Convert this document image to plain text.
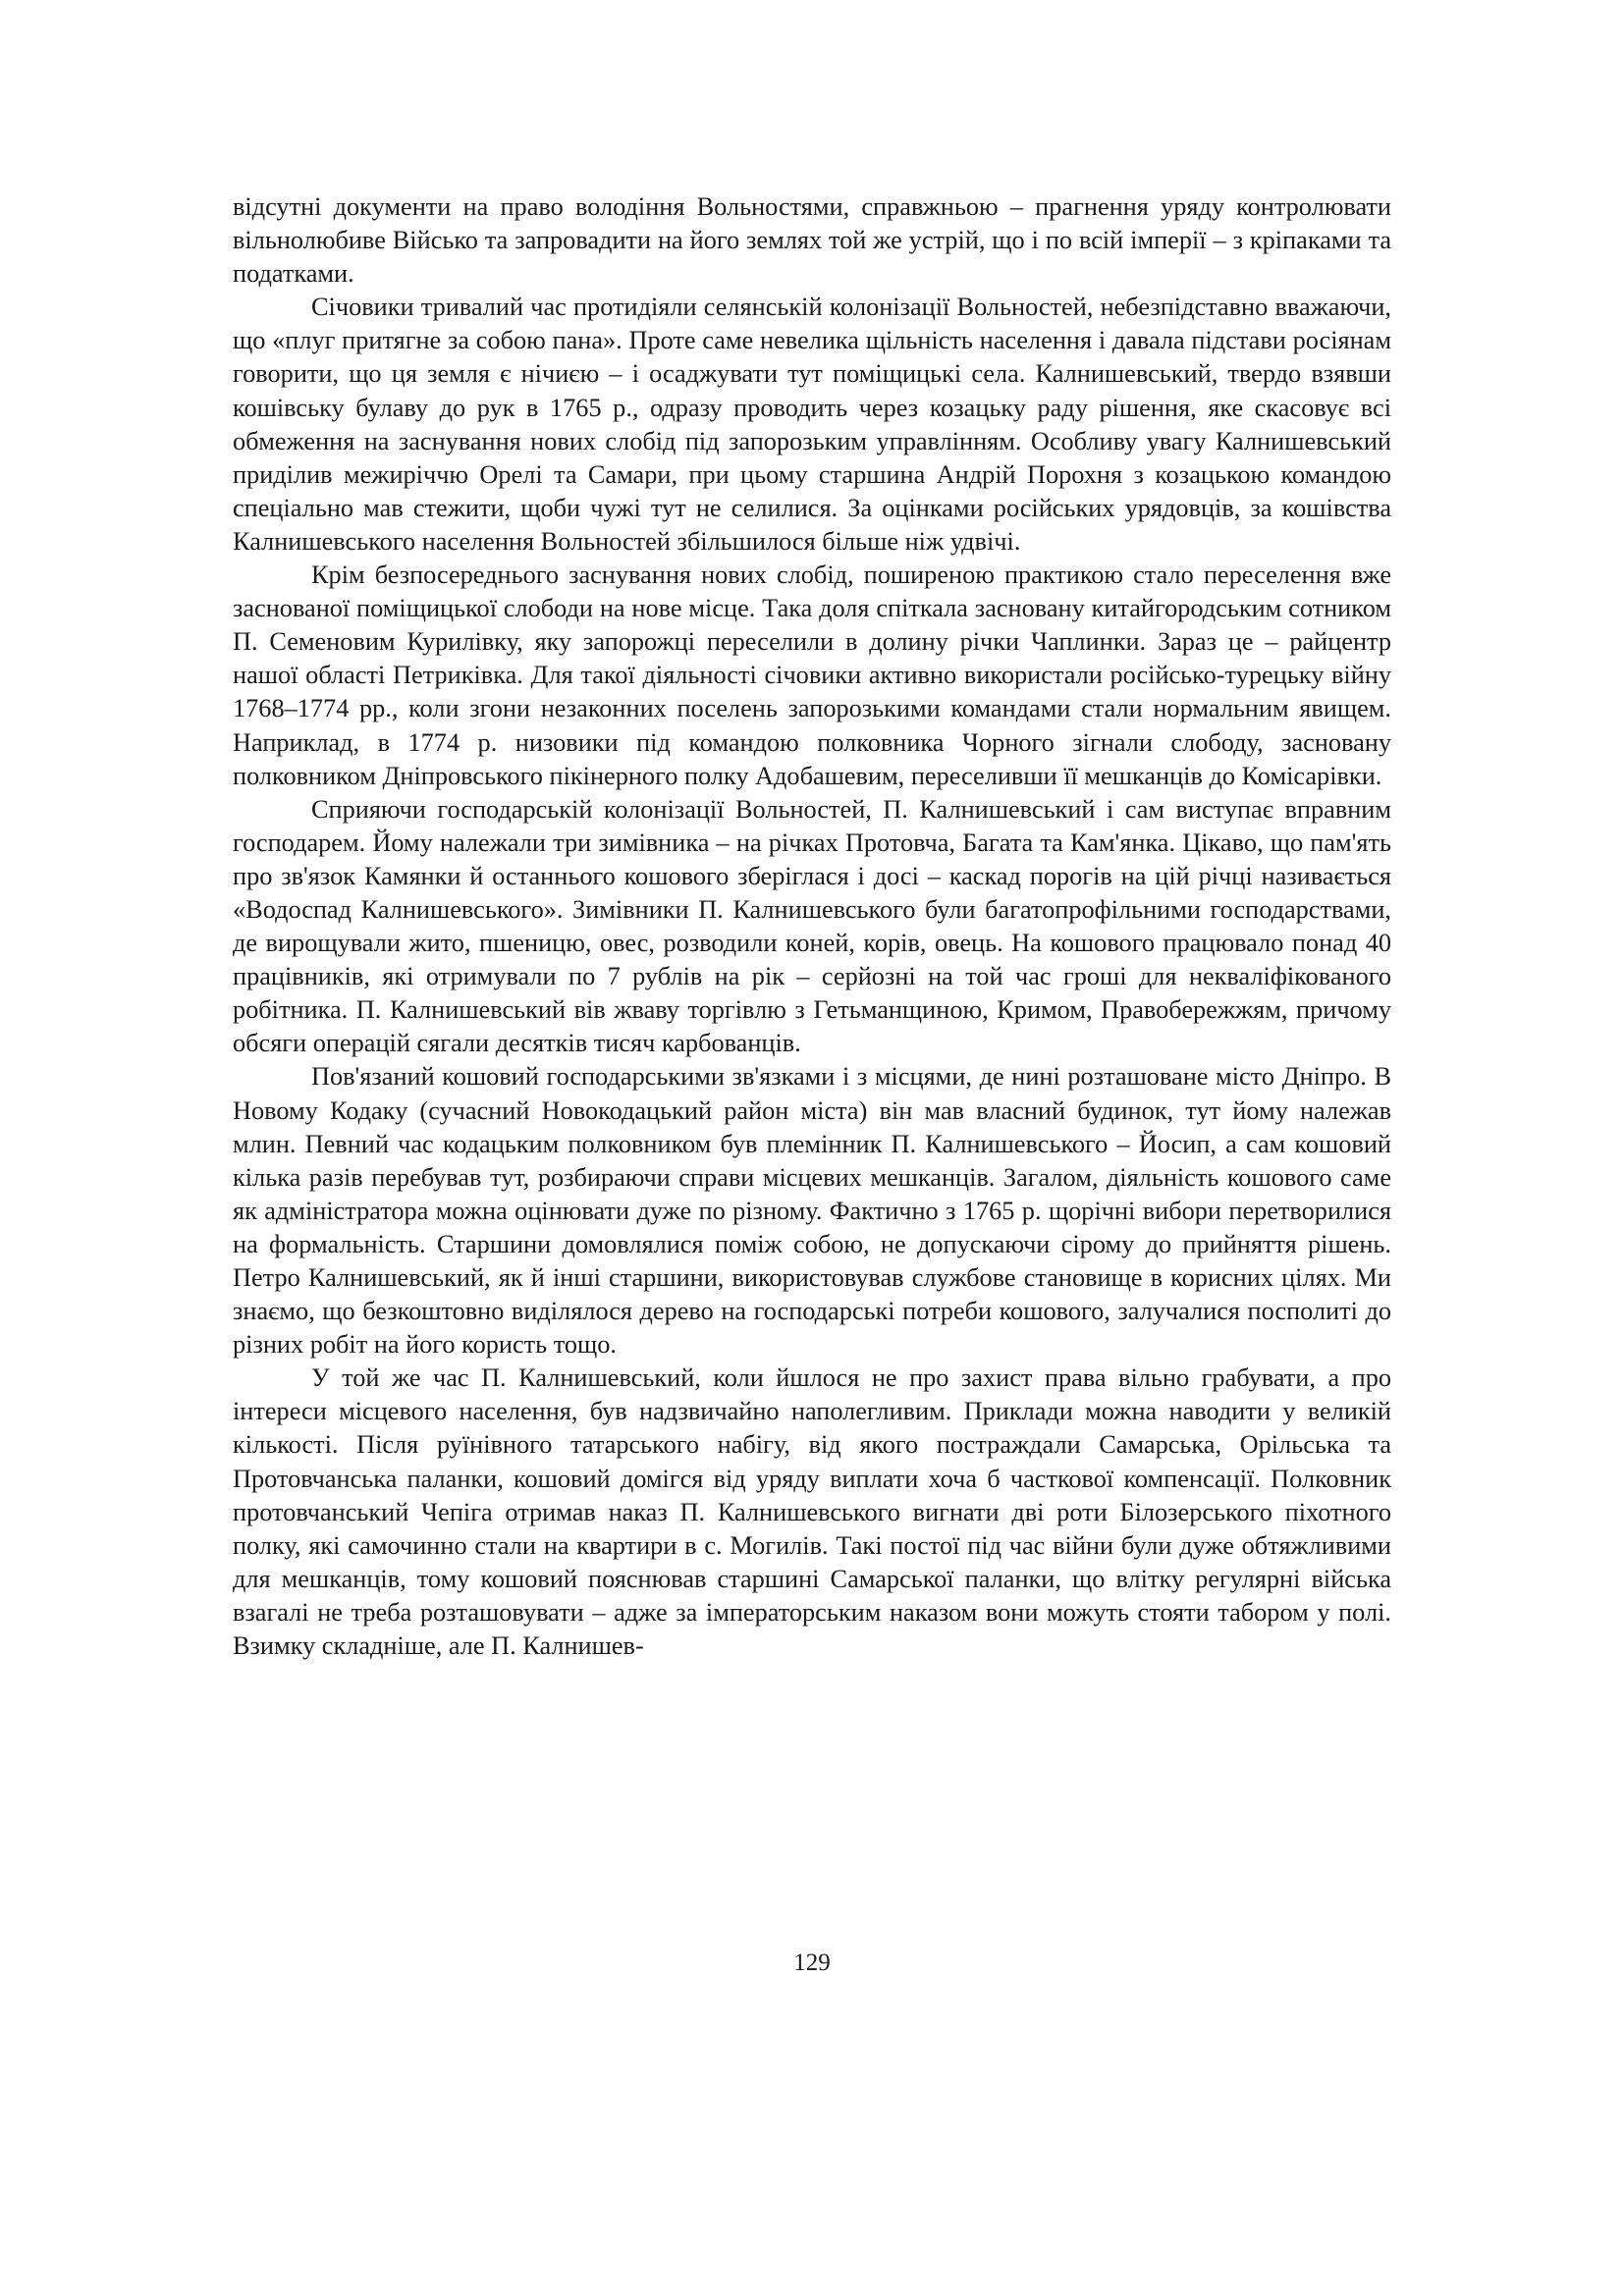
відсутні документи на право володіння Вольностями, справжньою – прагнення уряду контролювати вільнолюбиве Військо та запровадити на його землях той же устрій, що і по всій імперії – з кріпаками та податками.

Січовики тривалий час протидіяли селянській колонізації Вольностей, небезпідставно вважаючи, що «плуг притягне за собою пана». Проте саме невелика щільність населення і давала підстави росіянам говорити, що ця земля є нічиєю – і осаджувати тут поміщицькі села. Калнишевський, твердо взявши кошівську булаву до рук в 1765 р., одразу проводить через козацьку раду рішення, яке скасовує всі обмеження на заснування нових слобід під запорозьким управлінням. Особливу увагу Калнишевський приділив межиріччю Орелі та Самари, при цьому старшина Андрій Порохня з козацькою командою спеціально мав стежити, щоби чужі тут не селилися. За оцінками російських урядовців, за кошівства Калнишевського населення Вольностей збільшилося більше ніж удвічі.

Крім безпосереднього заснування нових слобід, поширеною практикою стало переселення вже заснованої поміщицької слободи на нове місце. Така доля спіткала засновану китайгородським сотником П. Семеновим Курилівку, яку запорожці переселили в долину річки Чаплинки. Зараз це – райцентр нашої області Петриківка. Для такої діяльності січовики активно використали російсько-турецьку війну 1768–1774 рр., коли згони незаконних поселень запорозькими командами стали нормальним явищем. Наприклад, в 1774 р. низовики під командою полковника Чорного зігнали слободу, засновану полковником Дніпровського пікінерного полку Адобашевим, переселивши її мешканців до Комісарівки.

Сприяючи господарській колонізації Вольностей, П. Калнишевський і сам виступає вправним господарем. Йому належали три зимівника – на річках Протовча, Багата та Кам'янка. Цікаво, що пам'ять про зв'язок Камянки й останнього кошового зберіглася і досі – каскад порогів на цій річці називається «Водоспад Калнишевського». Зимівники П. Калнишевського були багатопрофільними господарствами, де вирощували жито, пшеницю, овес, розводили коней, корів, овець. На кошового працювало понад 40 працівників, які отримували по 7 рублів на рік – серйозні на той час гроші для некваліфікованого робітника. П. Калнишевський вів жваву торгівлю з Гетьманщиною, Кримом, Правобережжям, причому обсяги операцій сягали десятків тисяч карбованців.

Пов'язаний кошовий господарськими зв'язками і з місцями, де нині розташоване місто Дніпро. В Новому Кодаку (сучасний Новокодацький район міста) він мав власний будинок, тут йому належав млин. Певний час кодацьким полковником був племінник П. Калнишевського – Йосип, а сам кошовий кілька разів перебував тут, розбираючи справи місцевих мешканців. Загалом, діяльність кошового саме як адміністратора можна оцінювати дуже по різному. Фактично з 1765 р. щорічні вибори перетворилися на формальність. Старшини домовлялися поміж собою, не допускаючи сірому до прийняття рішень. Петро Калнишевський, як й інші старшини, використовував службове становище в корисних цілях. Ми знаємо, що безкоштовно виділялося дерево на господарські потреби кошового, залучалися посполиті до різних робіт на його користь тощо.

У той же час П. Калнишевський, коли йшлося не про захист права вільно грабувати, а про інтереси місцевого населення, був надзвичайно наполегливим. Приклади можна наводити у великій кількості. Після руїнівного татарського набігу, від якого постраждали Самарська, Орільська та Протовчанська паланки, кошовий домігся від уряду виплати хоча б часткової компенсації. Полковник протовчанський Чепіга отримав наказ П. Калнишевського вигнати дві роти Білозерського піхотного полку, які самочинно стали на квартири в с. Могилів. Такі постої під час війни були дуже обтяжливими для мешканців, тому кошовий пояснював старшині Самарської паланки, що влітку регулярні війська взагалі не треба розташовувати – адже за імператорським наказом вони можуть стояти табором у полі. Взимку складніше, але П. Калнишев-

129
